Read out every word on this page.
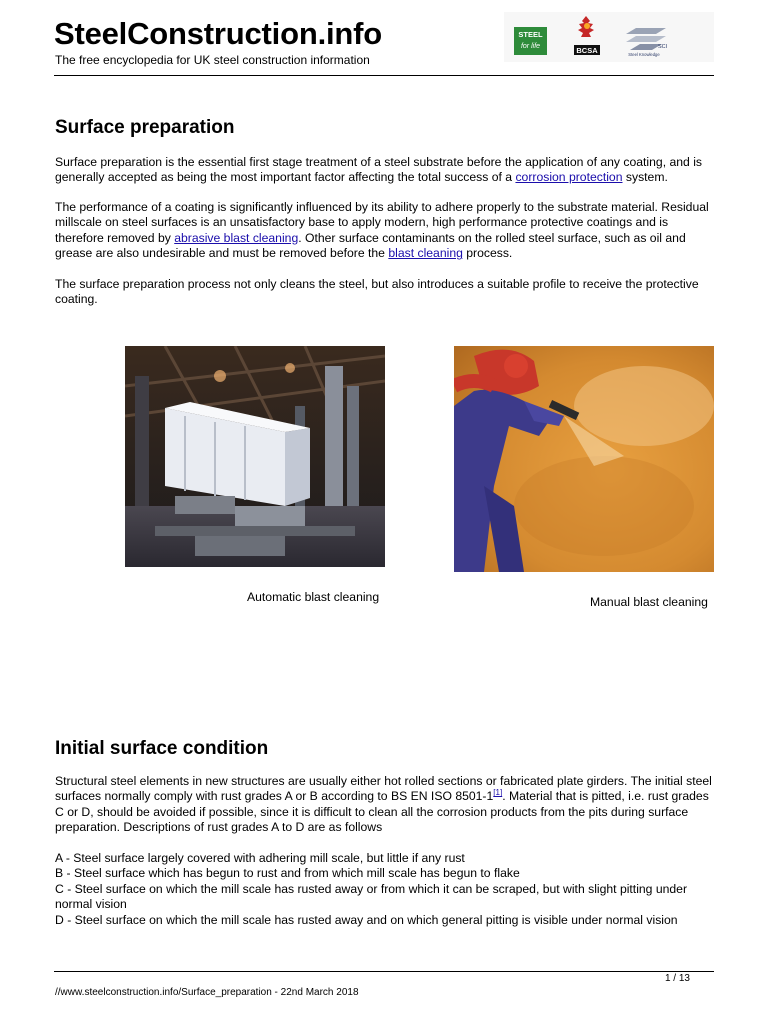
SteelConstruction.info
The free encyclopedia for UK steel construction information
STEEL
for life	BCSA	SCI
Steel Knowledge
Surface preparation

Surface preparation is the essential first stage treatment of a steel substrate before the application of any coating, and is generally accepted as being the most important factor affecting the total success of a corrosion protection system.

The performance of a coating is significantly influenced by its ability to adhere properly to the substrate material. Residual millscale on steel surfaces is an unsatisfactory base to apply modern, high performance protective coatings and is therefore removed by abrasive blast cleaning. Other surface contaminants on the rolled steel surface, such as oil and grease are also undesirable and must be removed before the blast cleaning process.

The surface preparation process not only cleans the steel, but also introduces a suitable profile to receive the protective coating.

Automatic blast cleaning	Manual blast cleaning
Initial surface condition

Structural steel elements in new structures are usually either hot rolled sections or fabricated plate girders. The initial steel surfaces normally comply with rust grades A or B according to BS EN ISO 8501-1[1]. Material that is pitted, i.e. rust grades C or D, should be avoided if possible, since it is difficult to clean all the corrosion products from the pits during surface preparation. Descriptions of rust grades A to D are as follows

A - Steel surface largely covered with adhering mill scale, but little if any rust
B - Steel surface which has begun to rust and from which mill scale has begun to flake
C - Steel surface on which the mill scale has rusted away or from which it can be scraped, but with slight pitting under normal vision
D - Steel surface on which the mill scale has rusted away and on which general pitting is visible under normal vision
1 / 13
//www.steelconstruction.info/Surface_preparation - 22nd March 2018
